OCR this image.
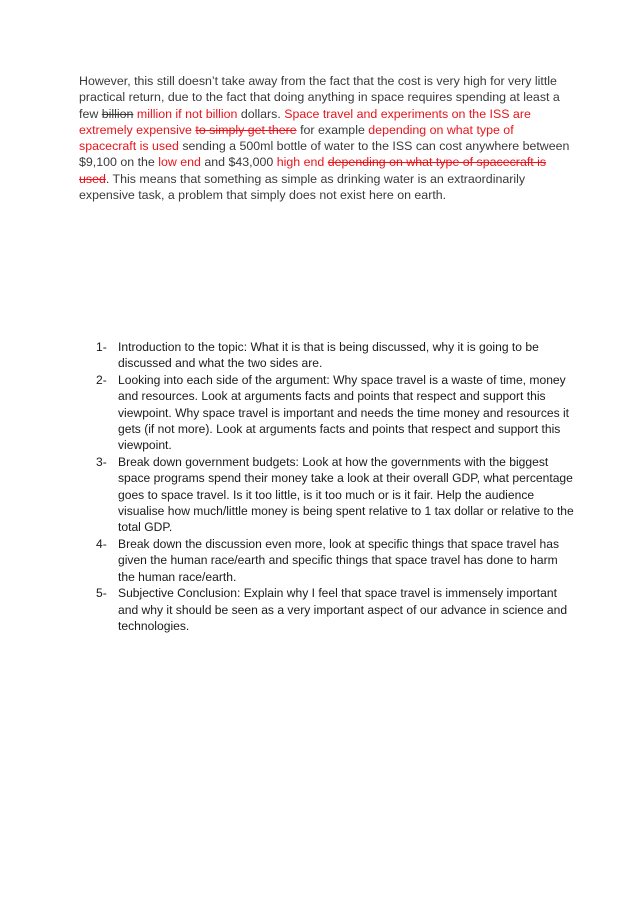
However, this still doesn’t take away from the fact that the cost is very high for very little practical return, due to the fact that doing anything in space requires spending at least a few billion million if not billion dollars. Space travel and experiments on the ISS are extremely expensive to simply get there for example depending on what type of spacecraft is used sending a 500ml bottle of water to the ISS can cost anywhere between $9,100 on the low end and $43,000 high end depending on what type of spacecraft is used. This means that something as simple as drinking water is an extraordinarily expensive task, a problem that simply does not exist here on earth.

1- Introduction to the topic: What it is that is being discussed, why it is going to be discussed and what the two sides are.
2- Looking into each side of the argument: Why space travel is a waste of time, money and resources. Look at arguments facts and points that respect and support this viewpoint. Why space travel is important and needs the time money and resources it gets (if not more). Look at arguments facts and points that respect and support this viewpoint.
3- Break down government budgets: Look at how the governments with the biggest space programs spend their money take a look at their overall GDP, what percentage goes to space travel. Is it too little, is it too much or is it fair. Help the audience visualise how much/little money is being spent relative to 1 tax dollar or relative to the total GDP.
4- Break down the discussion even more, look at specific things that space travel has given the human race/earth and specific things that space travel has done to harm the human race/earth.
5- Subjective Conclusion: Explain why I feel that space travel is immensely important and why it should be seen as a very important aspect of our advance in science and technologies.
